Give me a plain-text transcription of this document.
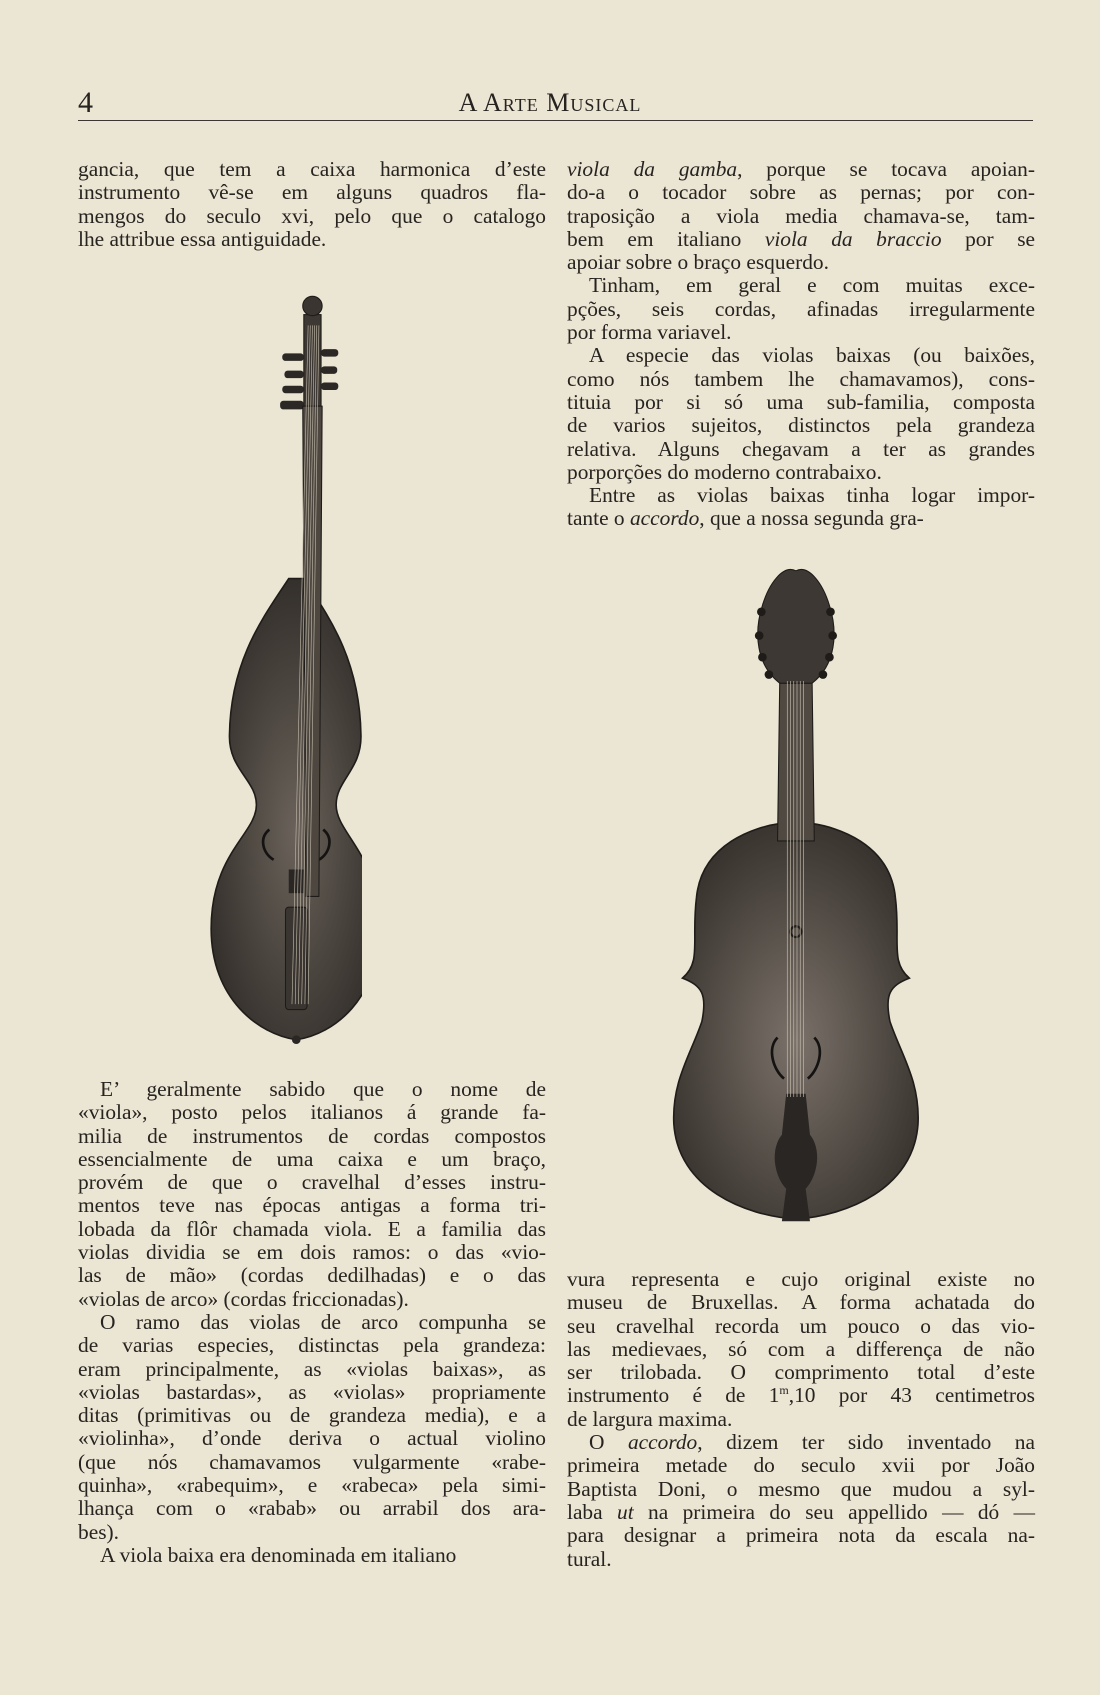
4	A Arte Musical
gancia, que tem a caixa harmonica d’este
instrumento vê-se em alguns quadros fla-
mengos do seculo xvi, pelo que o catalogo
lhe attribue essa antiguidade.
E’ geralmente sabido que o nome de
«viola», posto pelos italianos á grande fa-
milia de instrumentos de cordas compostos
essencialmente de uma caixa e um braço,
provém de que o cravelhal d’esses instru-
mentos teve nas épocas antigas a forma tri-
lobada da flôr chamada viola. E a familia das
violas dividia se em dois ramos: o das «vio-
las de mão» (cordas dedilhadas) e o das
«violas de arco» (cordas friccionadas).
O ramo das violas de arco compunha se
de varias especies, distinctas pela grandeza:
eram principalmente, as «violas baixas», as
«violas bastardas», as «violas» propriamente
ditas (primitivas ou de grandeza media), e a
«violinha», d’onde deriva o actual violino
(que nós chamavamos vulgarmente «rabe-
quinha», «rabequim», e «rabeca» pela simi-
lhança com o «rabab» ou arrabil dos ara-
bes).
A viola baixa era denominada em italiano
viola da gamba, porque se tocava apoian-
do-a o tocador sobre as pernas; por con-
traposição a viola media chamava-se, tam-
bem em italiano viola da braccio por se
apoiar sobre o braço esquerdo.
Tinham, em geral e com muitas exce-
pções, seis cordas, afinadas irregularmente
por forma variavel.
A especie das violas baixas (ou baixões,
como nós tambem lhe chamavamos), cons-
tituia por si só uma sub-familia, composta
de varios sujeitos, distinctos pela grandeza
relativa. Alguns chegavam a ter as grandes
porporções do moderno contrabaixo.
Entre as violas baixas tinha logar impor-
tante o accordo, que a nossa segunda gra-
vura representa e cujo original existe no
museu de Bruxellas. A forma achatada do
seu cravelhal recorda um pouco o das vio-
las medievaes, só com a differença de não
ser trilobada. O comprimento total d’este
instrumento é de 1$^m$,10 por 43 centimetros
de largura maxima.
O accordo, dizem ter sido inventado na
primeira metade do seculo xvii por João
Baptista Doni, o mesmo que mudou a syl-
laba ut na primeira do seu appellido — dó —
para designar a primeira nota da escala na-
tural.
